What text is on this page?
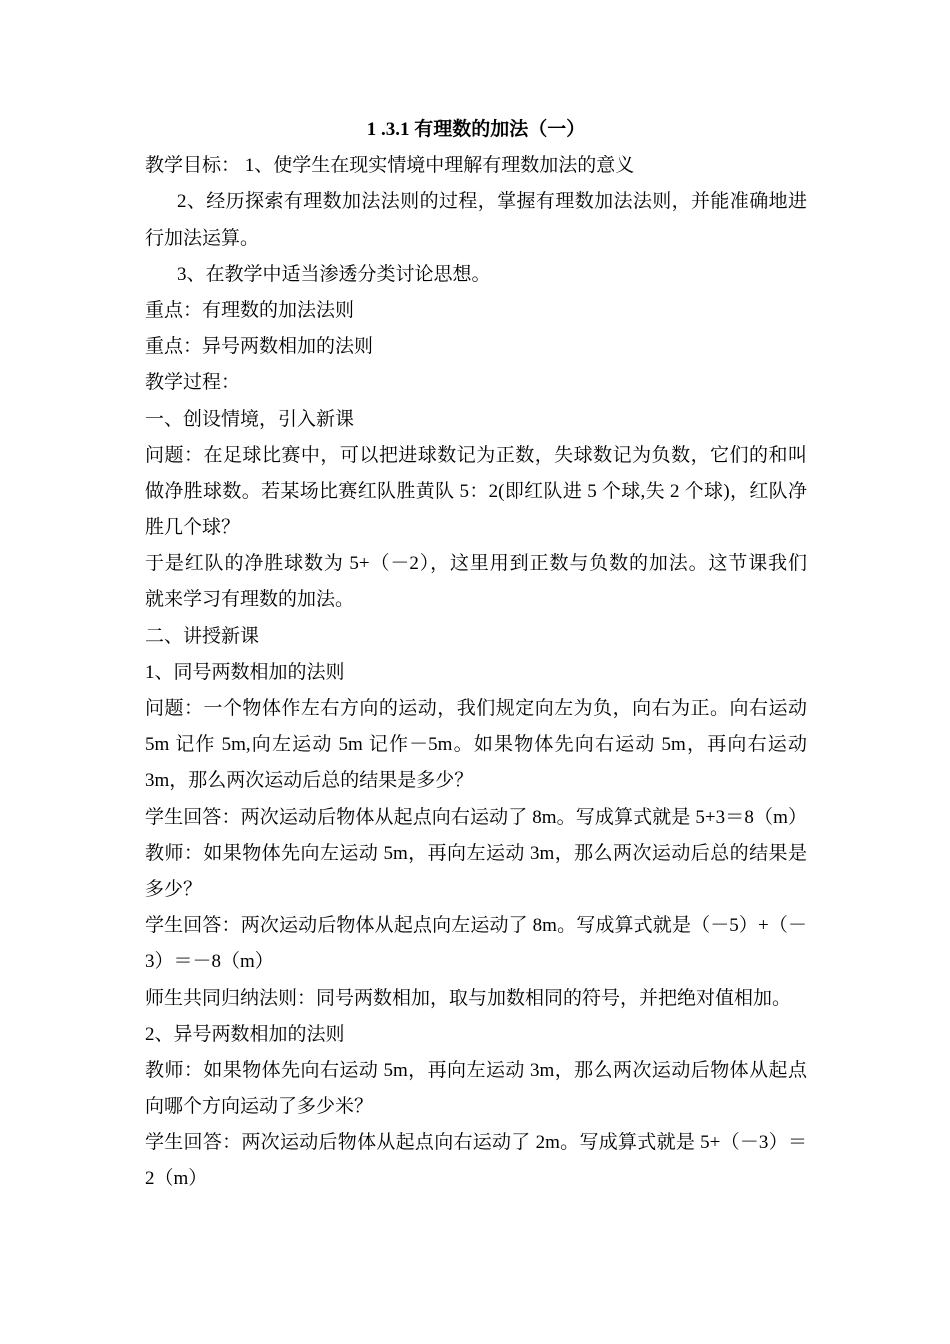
1 .3.1 有理数的加法（一）
教学目标： 1、使学生在现实情境中理解有理数加法的意义
2、经历探索有理数加法法则的过程，掌握有理数加法法则，并能准确地进
行加法运算。
3、在教学中适当渗透分类讨论思想。
重点：有理数的加法法则
重点：异号两数相加的法则
教学过程：
一、创设情境，引入新课
问题：在足球比赛中，可以把进球数记为正数，失球数记为负数，它们的和叫
做净胜球数。若某场比赛红队胜黄队 5：2(即红队进 5 个球,失 2 个球)，红队净
胜几个球？
于是红队的净胜球数为 5+（－2），这里用到正数与负数的加法。这节课我们
就来学习有理数的加法。
二、讲授新课
1、同号两数相加的法则
问题：一个物体作左右方向的运动，我们规定向左为负，向右为正。向右运动
5m 记作 5m,向左运动 5m 记作－5m。如果物体先向右运动 5m，再向右运动
3m，那么两次运动后总的结果是多少？
学生回答：两次运动后物体从起点向右运动了 8m。写成算式就是 5+3＝8（m）
教师：如果物体先向左运动 5m，再向左运动 3m，那么两次运动后总的结果是
多少？
学生回答：两次运动后物体从起点向左运动了 8m。写成算式就是（－5）+（－
3）＝－8（m）
师生共同归纳法则：同号两数相加，取与加数相同的符号，并把绝对值相加。
2、异号两数相加的法则
教师：如果物体先向右运动 5m，再向左运动 3m，那么两次运动后物体从起点
向哪个方向运动了多少米？
学生回答：两次运动后物体从起点向右运动了 2m。写成算式就是 5+（－3）＝
2（m）
